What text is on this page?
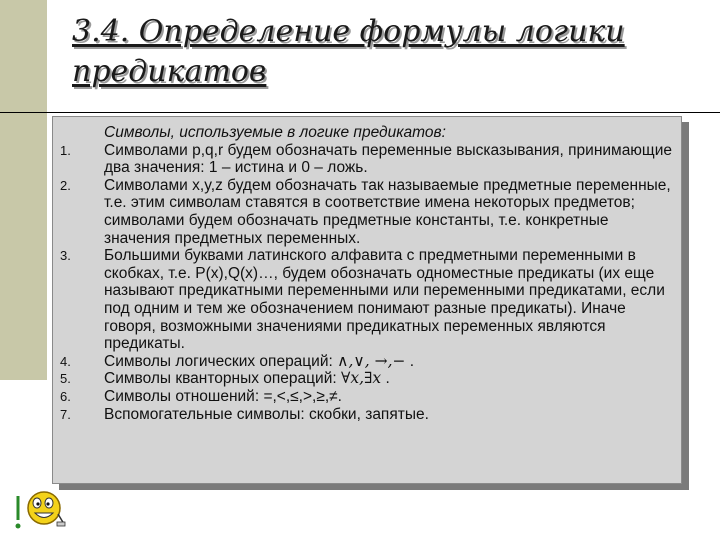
3.4. Определение формулы логики предикатов

Символы, используемые в логике предикатов:

1. Символами p,q,r будем обозначать переменные высказывания, принимающие два значения: 1 – истина и 0 – ложь.
2. Символами x,y,z будем обозначать так называемые предметные переменные, т.е. этим символам ставятся в соответствие имена некоторых предметов; символами будем обозначать предметные константы, т.е. конкретные значения предметных переменных.
3. Большими буквами латинского алфавита с предметными переменными в скобках, т.е. P(x),Q(x)…, будем обозначать одноместные предикаты (их еще называют предикатными переменными или переменными предикатами, если под одним и тем же обозначением понимают разные предикаты). Иначе говоря, возможными значениями предикатных переменных являются предикаты.
4. Символы логических операций: ∧,∨, →,− .
5. Символы кванторных операций: ∀x,∃x .
6. Символы отношений: =,<,≤,>,≥,≠.
7. Вспомогательные символы: скобки, запятые.
